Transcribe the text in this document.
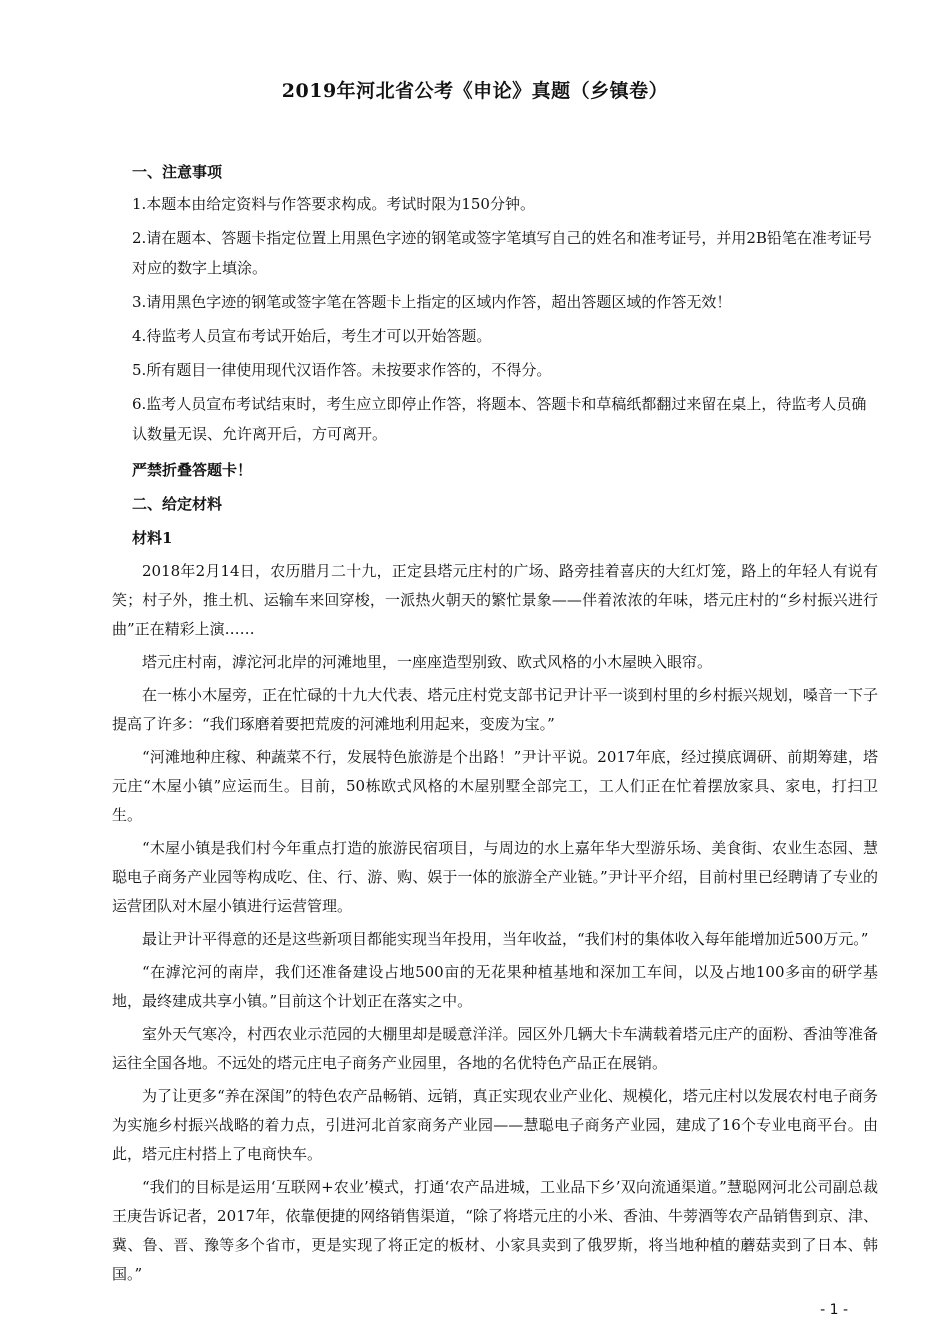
2019年河北省公考《申论》真题（乡镇卷）

一、注意事项

1.本题本由给定资料与作答要求构成。考试时限为150分钟。

2.请在题本、答题卡指定位置上用黑色字迹的钢笔或签字笔填写自己的姓名和准考证号，并用2B铅笔在准考证号对应的数字上填涂。

3.请用黑色字迹的钢笔或签字笔在答题卡上指定的区域内作答，超出答题区域的作答无效！

4.待监考人员宣布考试开始后，考生才可以开始答题。

5.所有题目一律使用现代汉语作答。未按要求作答的，不得分。

6.监考人员宣布考试结束时，考生应立即停止作答，将题本、答题卡和草稿纸都翻过来留在桌上，待监考人员确认数量无误、允许离开后，方可离开。

严禁折叠答题卡！

二、给定材料

材料1

2018年2月14日，农历腊月二十九，正定县塔元庄村的广场、路旁挂着喜庆的大红灯笼，路上的年轻人有说有笑；村子外，推土机、运输车来回穿梭，一派热火朝天的繁忙景象——伴着浓浓的年味，塔元庄村的“乡村振兴进行曲”正在精彩上演……

塔元庄村南，滹沱河北岸的河滩地里，一座座造型别致、欧式风格的小木屋映入眼帘。

在一栋小木屋旁，正在忙碌的十九大代表、塔元庄村党支部书记尹计平一谈到村里的乡村振兴规划，嗓音一下子提高了许多：“我们琢磨着要把荒废的河滩地利用起来，变废为宝。”

“河滩地种庄稼、种蔬菜不行，发展特色旅游是个出路！”尹计平说。2017年底，经过摸底调研、前期筹建，塔元庄“木屋小镇”应运而生。目前，50栋欧式风格的木屋别墅全部完工，工人们正在忙着摆放家具、家电，打扫卫生。

“木屋小镇是我们村今年重点打造的旅游民宿项目，与周边的水上嘉年华大型游乐场、美食街、农业生态园、慧聪电子商务产业园等构成吃、住、行、游、购、娱于一体的旅游全产业链。”尹计平介绍，目前村里已经聘请了专业的运营团队对木屋小镇进行运营管理。

最让尹计平得意的还是这些新项目都能实现当年投用，当年收益，“我们村的集体收入每年能增加近500万元。”

“在滹沱河的南岸，我们还准备建设占地500亩的无花果种植基地和深加工车间，以及占地100多亩的研学基地，最终建成共享小镇。”目前这个计划正在落实之中。

室外天气寒冷，村西农业示范园的大棚里却是暖意洋洋。园区外几辆大卡车满载着塔元庄产的面粉、香油等准备运往全国各地。不远处的塔元庄电子商务产业园里，各地的名优特色产品正在展销。

为了让更多“养在深闺”的特色农产品畅销、远销，真正实现农业产业化、规模化，塔元庄村以发展农村电子商务为实施乡村振兴战略的着力点，引进河北首家商务产业园——慧聪电子商务产业园，建成了16个专业电商平台。由此，塔元庄村搭上了电商快车。

“我们的目标是运用‘互联网+农业’模式，打通‘农产品进城，工业品下乡’双向流通渠道。”慧聪网河北公司副总裁王庚告诉记者，2017年，依靠便捷的网络销售渠道，“除了将塔元庄的小米、香油、牛蒡酒等农产品销售到京、津、冀、鲁、晋、豫等多个省市，更是实现了将正定的板材、小家具卖到了俄罗斯，将当地种植的蘑菇卖到了日本、韩国。”

- 1 -
